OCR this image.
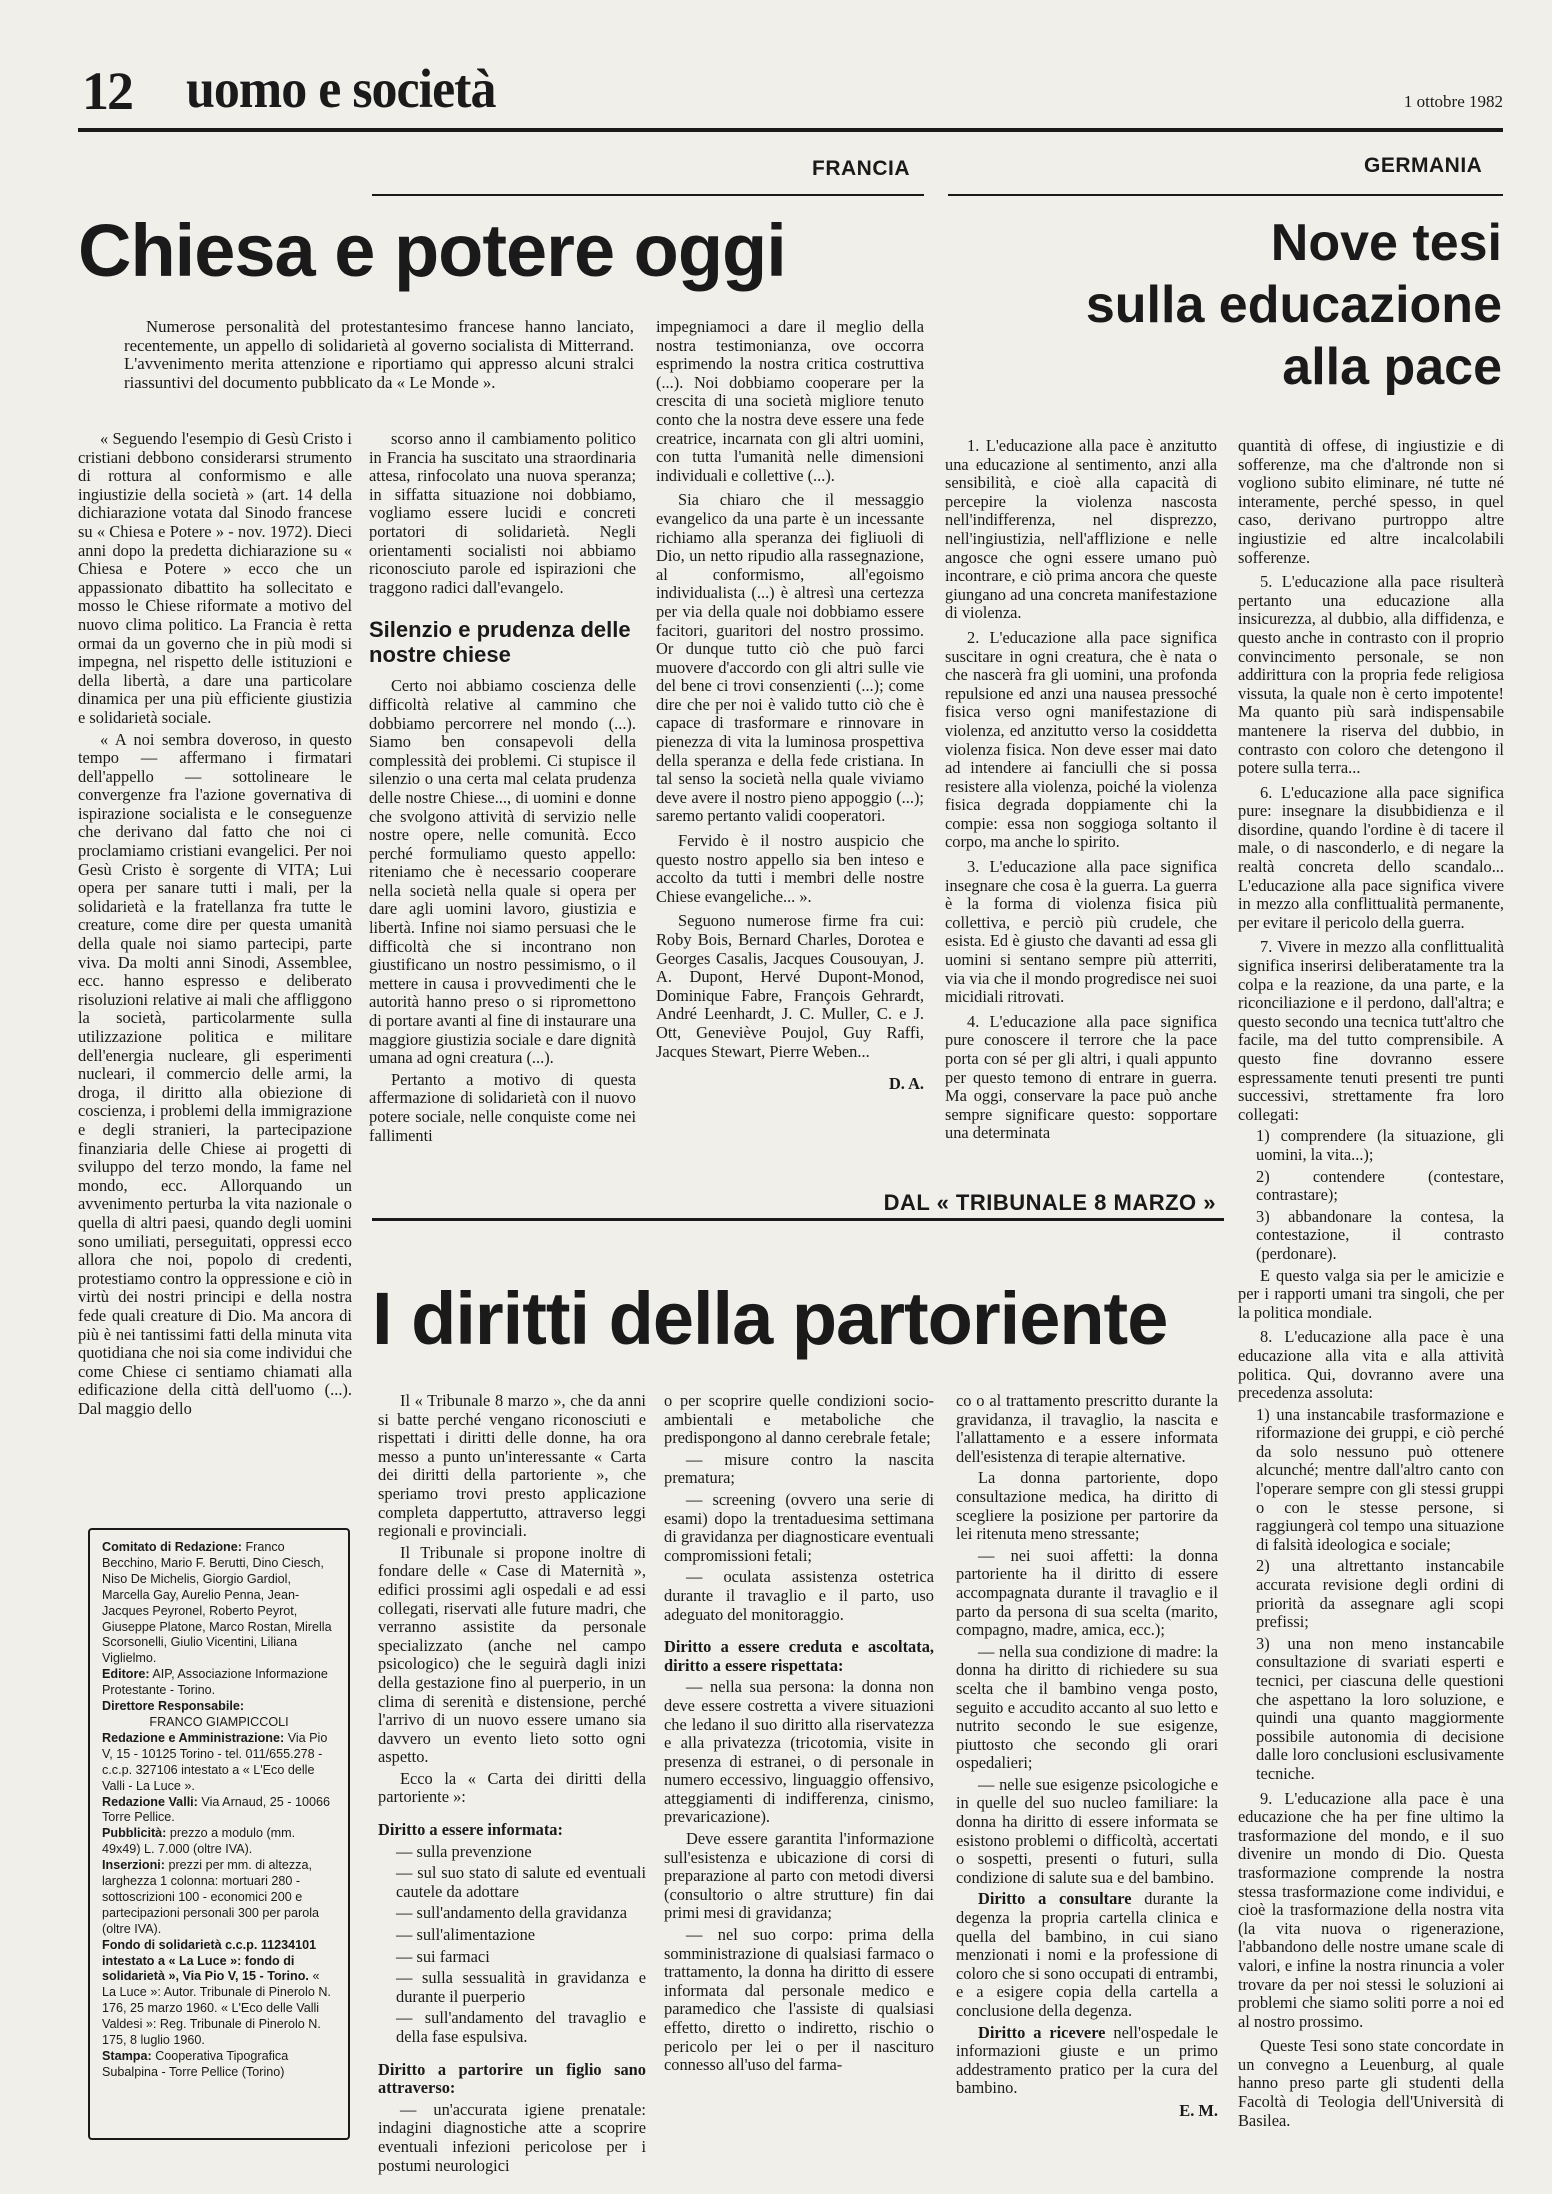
12 uomo e società	1 ottobre 1982
FRANCIA	GERMANIA
Chiesa e potere oggi

Numerose personalità del protestantesimo francese hanno lanciato, recentemente, un appello di solidarietà al governo socialista di Mitterrand. L'avvenimento merita attenzione e riportiamo qui appresso alcuni stralci riassuntivi del documento pubblicato da « Le Monde ».

« Seguendo l'esempio di Gesù Cristo i cristiani debbono considerarsi strumento di rottura al conformismo e alle ingiustizie della società » (art. 14 della dichiarazione votata dal Sinodo francese su « Chiesa e Potere » - nov. 1972). Dieci anni dopo la predetta dichiarazione su « Chiesa e Potere » ecco che un appassionato dibattito ha sollecitato e mosso le Chiese riformate a motivo del nuovo clima politico. La Francia è retta ormai da un governo che in più modi si impegna, nel rispetto delle istituzioni e della libertà, a dare una particolare dinamica per una più efficiente giustizia e solidarietà sociale.

« A noi sembra doveroso, in questo tempo — affermano i firmatari dell'appello — sottolineare le convergenze fra l'azione governativa di ispirazione socialista e le conseguenze che derivano dal fatto che noi ci proclamiamo cristiani evangelici. Per noi Gesù Cristo è sorgente di VITA; Lui opera per sanare tutti i mali, per la solidarietà e la fratellanza fra tutte le creature, come dire per questa umanità della quale noi siamo partecipi, parte viva. Da molti anni Sinodi, Assemblee, ecc. hanno espresso e deliberato risoluzioni relative ai mali che affliggono la società, particolarmente sulla utilizzazione politica e militare dell'energia nucleare, gli esperimenti nucleari, il commercio delle armi, la droga, il diritto alla obiezione di coscienza, i problemi della immigrazione e degli stranieri, la partecipazione finanziaria delle Chiese ai progetti di sviluppo del terzo mondo, la fame nel mondo, ecc. Allorquando un avvenimento perturba la vita nazionale o quella di altri paesi, quando degli uomini sono umiliati, perseguitati, oppressi ecco allora che noi, popolo di credenti, protestiamo contro la oppressione e ciò in virtù dei nostri principi e della nostra fede quali creature di Dio. Ma ancora di più è nei tantissimi fatti della minuta vita quotidiana che noi sia come individui che come Chiese ci sentiamo chiamati alla edificazione della città dell'uomo (...). Dal maggio dello

scorso anno il cambiamento politico in Francia ha suscitato una straordinaria attesa, rinfocolato una nuova speranza; in siffatta situazione noi dobbiamo, vogliamo essere lucidi e concreti portatori di solidarietà. Negli orientamenti socialisti noi abbiamo riconosciuto parole ed ispirazioni che traggono radici dall'evangelo.

Silenzio e prudenza delle nostre chiese

Certo noi abbiamo coscienza delle difficoltà relative al cammino che dobbiamo percorrere nel mondo (...). Siamo ben consapevoli della complessità dei problemi. Ci stupisce il silenzio o una certa mal celata prudenza delle nostre Chiese..., di uomini e donne che svolgono attività di servizio nelle nostre opere, nelle comunità. Ecco perché formuliamo questo appello: riteniamo che è necessario cooperare nella società nella quale si opera per dare agli uomini lavoro, giustizia e libertà. Infine noi siamo persuasi che le difficoltà che si incontrano non giustificano un nostro pessimismo, o il mettere in causa i provvedimenti che le autorità hanno preso o si ripromettono di portare avanti al fine di instaurare una maggiore giustizia sociale e dare dignità umana ad ogni creatura (...).

Pertanto a motivo di questa affermazione di solidarietà con il nuovo potere sociale, nelle conquiste come nei fallimenti

impegniamoci a dare il meglio della nostra testimonianza, ove occorra esprimendo la nostra critica costruttiva (...). Noi dobbiamo cooperare per la crescita di una società migliore tenuto conto che la nostra deve essere una fede creatrice, incarnata con gli altri uomini, con tutta l'umanità nelle dimensioni individuali e collettive (...).

Sia chiaro che il messaggio evangelico da una parte è un incessante richiamo alla speranza dei figliuoli di Dio, un netto ripudio alla rassegnazione, al conformismo, all'egoismo individualista (...) è altresì una certezza per via della quale noi dobbiamo essere facitori, guaritori del nostro prossimo. Or dunque tutto ciò che può farci muovere d'accordo con gli altri sulle vie del bene ci trovi consenzienti (...); come dire che per noi è valido tutto ciò che è capace di trasformare e rinnovare in pienezza di vita la luminosa prospettiva della speranza e della fede cristiana. In tal senso la società nella quale viviamo deve avere il nostro pieno appoggio (...); saremo pertanto validi cooperatori.

Fervido è il nostro auspicio che questo nostro appello sia ben inteso e accolto da tutti i membri delle nostre Chiese evangeliche... ».

Seguono numerose firme fra cui: Roby Bois, Bernard Charles, Dorotea e Georges Casalis, Jacques Cousouyan, J. A. Dupont, Hervé Dupont-Monod, Dominique Fabre, François Gehrardt, André Leenhardt, J. C. Muller, C. e J. Ott, Geneviève Poujol, Guy Raffi, Jacques Stewart, Pierre Weben...

D. A.
Nove tesi
sulla educazione
alla pace

1. L'educazione alla pace è anzitutto una educazione al sentimento, anzi alla sensibilità, e cioè alla capacità di percepire la violenza nascosta nell'indifferenza, nel disprezzo, nell'ingiustizia, nell'afflizione e nelle angosce che ogni essere umano può incontrare, e ciò prima ancora che queste giungano ad una concreta manifestazione di violenza.

2. L'educazione alla pace significa suscitare in ogni creatura, che è nata o che nascerà fra gli uomini, una profonda repulsione ed anzi una nausea pressoché fisica verso ogni manifestazione di violenza, ed anzitutto verso la cosiddetta violenza fisica. Non deve esser mai dato ad intendere ai fanciulli che si possa resistere alla violenza, poiché la violenza fisica degrada doppiamente chi la compie: essa non soggioga soltanto il corpo, ma anche lo spirito.

3. L'educazione alla pace significa insegnare che cosa è la guerra. La guerra è la forma di violenza fisica più collettiva, e perciò più crudele, che esista. Ed è giusto che davanti ad essa gli uomini si sentano sempre più atterriti, via via che il mondo progredisce nei suoi micidiali ritrovati.

4. L'educazione alla pace significa pure conoscere il terrore che la pace porta con sé per gli altri, i quali appunto per questo temono di entrare in guerra. Ma oggi, conservare la pace può anche sempre significare questo: sopportare una determinata

quantità di offese, di ingiustizie e di sofferenze, ma che d'altronde non si vogliono subito eliminare, né tutte né interamente, perché spesso, in quel caso, derivano purtroppo altre ingiustizie ed altre incalcolabili sofferenze.

5. L'educazione alla pace risulterà pertanto una educazione alla insicurezza, al dubbio, alla diffidenza, e questo anche in contrasto con il proprio convincimento personale, se non addirittura con la propria fede religiosa vissuta, la quale non è certo impotente! Ma quanto più sarà indispensabile mantenere la riserva del dubbio, in contrasto con coloro che detengono il potere sulla terra...

6. L'educazione alla pace significa pure: insegnare la disubbidienza e il disordine, quando l'ordine è di tacere il male, o di nasconderlo, e di negare la realtà concreta dello scandalo... L'educazione alla pace significa vivere in mezzo alla conflittualità permanente, per evitare il pericolo della guerra.

7. Vivere in mezzo alla conflittualità significa inserirsi deliberatamente tra la colpa e la reazione, da una parte, e la riconciliazione e il perdono, dall'altra; e questo secondo una tecnica tutt'altro che facile, ma del tutto comprensibile. A questo fine dovranno essere espressamente tenuti presenti tre punti successivi, strettamente fra loro collegati:

1) comprendere (la situazione, gli uomini, la vita...);

2) contendere (contestare, contrastare);

3) abbandonare la contesa, la contestazione, il contrasto (perdonare).

E questo valga sia per le amicizie e per i rapporti umani tra singoli, che per la politica mondiale.

8. L'educazione alla pace è una educazione alla vita e alla attività politica. Qui, dovranno avere una precedenza assoluta:

1) una instancabile trasformazione e riformazione dei gruppi, e ciò perché da solo nessuno può ottenere alcunché; mentre dall'altro canto con l'operare sempre con gli stessi gruppi o con le stesse persone, si raggiungerà col tempo una situazione di falsità ideologica e sociale;

2) una altrettanto instancabile accurata revisione degli ordini di priorità da assegnare agli scopi prefissi;

3) una non meno instancabile consultazione di svariati esperti e tecnici, per ciascuna delle questioni che aspettano la loro soluzione, e quindi una quanto maggiormente possibile autonomia di decisione dalle loro conclusioni esclusivamente tecniche.

9. L'educazione alla pace è una educazione che ha per fine ultimo la trasformazione del mondo, e il suo divenire un mondo di Dio. Questa trasformazione comprende la nostra stessa trasformazione come individui, e cioè la trasformazione della nostra vita (la vita nuova o rigenerazione, l'abbandono delle nostre umane scale di valori, e infine la nostra rinuncia a voler trovare da per noi stessi le soluzioni ai problemi che siamo soliti porre a noi ed al nostro prossimo.

Queste Tesi sono state concordate in un convegno a Leuenburg, al quale hanno preso parte gli studenti della Facoltà di Teologia dell'Università di Basilea.

DAL « TRIBUNALE 8 MARZO »
I diritti della partoriente

Il « Tribunale 8 marzo », che da anni si batte perché vengano riconosciuti e rispettati i diritti delle donne, ha ora messo a punto un'interessante « Carta dei diritti della partoriente », che speriamo trovi presto applicazione completa dappertutto, attraverso leggi regionali e provinciali.

Il Tribunale si propone inoltre di fondare delle « Case di Maternità », edifici prossimi agli ospedali e ad essi collegati, riservati alle future madri, che verranno assistite da personale specializzato (anche nel campo psicologico) che le seguirà dagli inizi della gestazione fino al puerperio, in un clima di serenità e distensione, perché l'arrivo di un nuovo essere umano sia davvero un evento lieto sotto ogni aspetto.

Ecco la « Carta dei diritti della partoriente »:

Diritto a essere informata:

— sulla prevenzione

— sul suo stato di salute ed eventuali cautele da adottare

— sull'andamento della gravidanza

— sull'alimentazione

— sui farmaci

— sulla sessualità in gravidanza e durante il puerperio

— sull'andamento del travaglio e della fase espulsiva.

Diritto a partorire un figlio sano attraverso:

— un'accurata igiene prenatale: indagini diagnostiche atte a scoprire eventuali infezioni pericolose per i postumi neurologici

o per scoprire quelle condizioni socio-ambientali e metaboliche che predispongono al danno cerebrale fetale;

— misure contro la nascita prematura;

— screening (ovvero una serie di esami) dopo la trentaduesima settimana di gravidanza per diagnosticare eventuali compromissioni fetali;

— oculata assistenza ostetrica durante il travaglio e il parto, uso adeguato del monitoraggio.

Diritto a essere creduta e ascoltata, diritto a essere rispettata:

— nella sua persona: la donna non deve essere costretta a vivere situazioni che ledano il suo diritto alla riservatezza e alla privatezza (tricotomia, visite in presenza di estranei, o di personale in numero eccessivo, linguaggio offensivo, atteggiamenti di indifferenza, cinismo, prevaricazione).

Deve essere garantita l'informazione sull'esistenza e ubicazione di corsi di preparazione al parto con metodi diversi (consultorio o altre strutture) fin dai primi mesi di gravidanza;

— nel suo corpo: prima della somministrazione di qualsiasi farmaco o trattamento, la donna ha diritto di essere informata dal personale medico e paramedico che l'assiste di qualsiasi effetto, diretto o indiretto, rischio o pericolo per lei o per il nascituro connesso all'uso del farma-

co o al trattamento prescritto durante la gravidanza, il travaglio, la nascita e l'allattamento e a essere informata dell'esistenza di terapie alternative.

La donna partoriente, dopo consultazione medica, ha diritto di scegliere la posizione per partorire da lei ritenuta meno stressante;

— nei suoi affetti: la donna partoriente ha il diritto di essere accompagnata durante il travaglio e il parto da persona di sua scelta (marito, compagno, madre, amica, ecc.);

— nella sua condizione di madre: la donna ha diritto di richiedere su sua scelta che il bambino venga posto, seguito e accudito accanto al suo letto e nutrito secondo le sue esigenze, piuttosto che secondo gli orari ospedalieri;

— nelle sue esigenze psicologiche e in quelle del suo nucleo familiare: la donna ha diritto di essere informata se esistono problemi o difficoltà, accertati o sospetti, presenti o futuri, sulla condizione di salute sua e del bambino.

Diritto a consultare durante la degenza la propria cartella clinica e quella del bambino, in cui siano menzionati i nomi e la professione di coloro che si sono occupati di entrambi, e a esigere copia della cartella a conclusione della degenza.

Diritto a ricevere nell'ospedale le informazioni giuste e un primo addestramento pratico per la cura del bambino.

E. M.
Comitato di Redazione: Franco Becchino, Mario F. Berutti, Dino Ciesch, Niso De Michelis, Giorgio Gardiol, Marcella Gay, Aurelio Penna, Jean-Jacques Peyronel, Roberto Peyrot, Giuseppe Platone, Marco Rostan, Mirella Scorsonelli, Giulio Vicentini, Liliana Viglielmo.
Editore: AIP, Associazione Informazione Protestante - Torino.
Direttore Responsabile:
FRANCO GIAMPICCOLI
Redazione e Amministrazione: Via Pio V, 15 - 10125 Torino - tel. 011/655.278 - c.c.p. 327106 intestato a « L'Eco delle Valli - La Luce ».
Redazione Valli: Via Arnaud, 25 - 10066 Torre Pellice.
Pubblicità: prezzo a modulo (mm. 49x49) L. 7.000 (oltre IVA).
Inserzioni: prezzi per mm. di altezza, larghezza 1 colonna: mortuari 280 - sottoscrizioni 100 - economici 200 e partecipazioni personali 300 per parola (oltre IVA).
Fondo di solidarietà c.c.p. 11234101 intestato a « La Luce »: fondo di solidarietà », Via Pio V, 15 - Torino. « La Luce »: Autor. Tribunale di Pinerolo N. 176, 25 marzo 1960. « L'Eco delle Valli Valdesi »: Reg. Tribunale di Pinerolo N. 175, 8 luglio 1960.
Stampa: Cooperativa Tipografica Subalpina - Torre Pellice (Torino)
